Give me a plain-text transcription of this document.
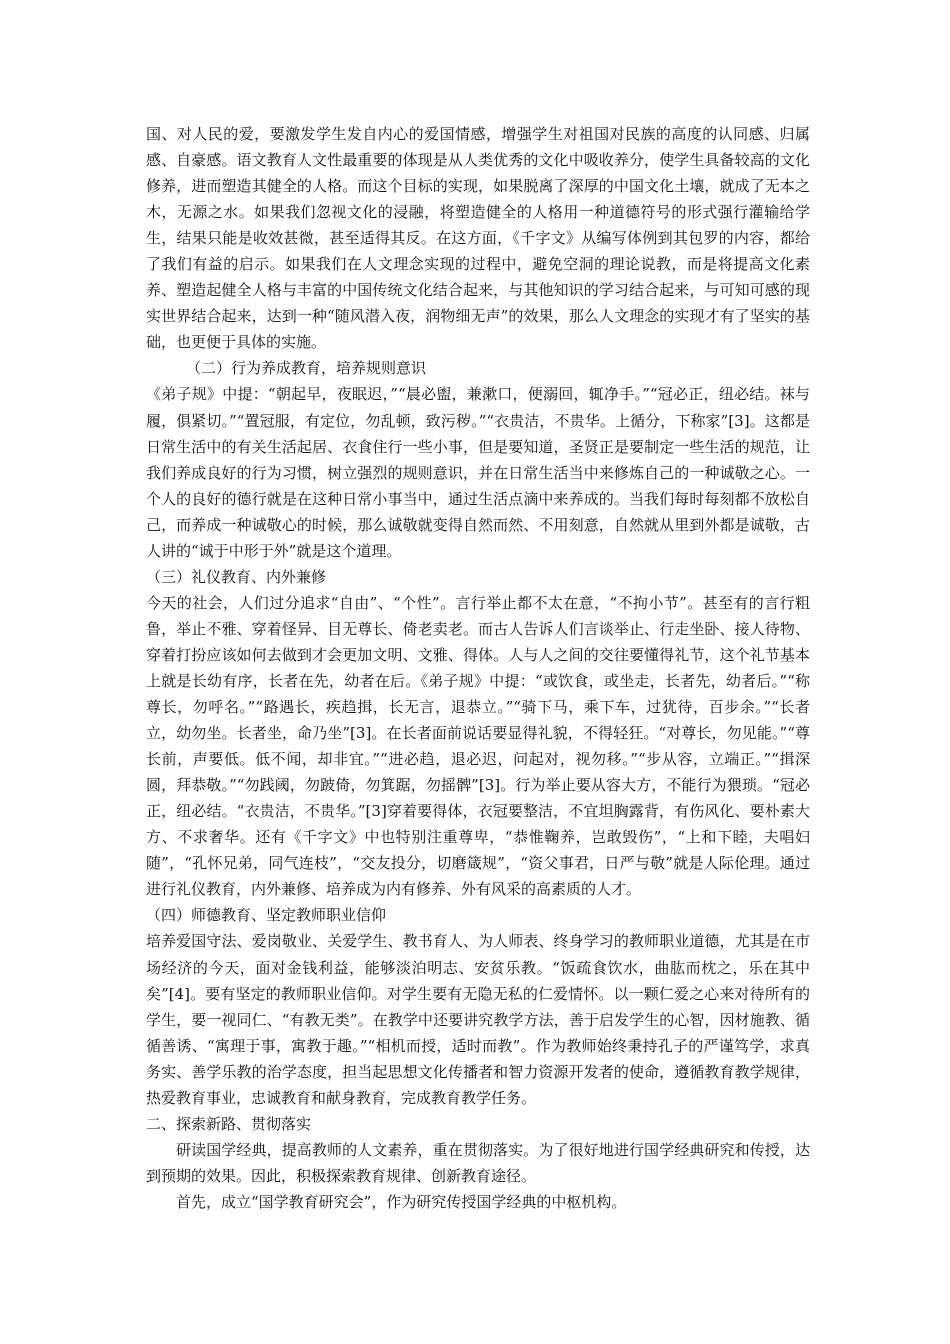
国、对人民的爱，要激发学生发自内心的爱国情感，增强学生对祖国对民族的高度的认同感、归属感、自豪感。语文教育人文性最重要的体现是从人类优秀的文化中吸收养分，使学生具备较高的文化修养，进而塑造其健全的人格。而这个目标的实现，如果脱离了深厚的中国文化土壤，就成了无本之木，无源之水。如果我们忽视文化的浸融，将塑造健全的人格用一种道德符号的形式强行灌输给学生，结果只能是收效甚微，甚至适得其反。在这方面，《千字文》从编写体例到其包罗的内容，都给了我们有益的启示。如果我们在人文理念实现的过程中，避免空洞的理论说教，而是将提高文化素养、塑造起健全人格与丰富的中国传统文化结合起来，与其他知识的学习结合起来，与可知可感的现实世界结合起来，达到一种“随风潜入夜，润物细无声”的效果，那么人文理念的实现才有了坚实的基础，也更便于具体的实施。

（二）行为养成教育，培养规则意识

《弟子规》中提：“朝起早，夜眠迟，”“晨必盥，兼漱口，便溺回，辄净手。”“冠必正，纽必结。袜与履，俱紧切。”“置冠服，有定位，勿乱顿，致污秽。”“衣贵洁，不贵华。上循分，下称家”[3]。这都是日常生活中的有关生活起居、衣食住行一些小事，但是要知道，圣贤正是要制定一些生活的规范，让我们养成良好的行为习惯，树立强烈的规则意识，并在日常生活当中来修炼自己的一种诚敬之心。一个人的良好的德行就是在这种日常小事当中，通过生活点滴中来养成的。当我们每时每刻都不放松自己，而养成一种诚敬心的时候，那么诚敬就变得自然而然、不用刻意，自然就从里到外都是诚敬，古人讲的“诚于中形于外”就是这个道理。

（三）礼仪教育、内外兼修

今天的社会，人们过分追求“自由”、“个性”。言行举止都不太在意，“不拘小节”。甚至有的言行粗鲁，举止不雅、穿着怪异、目无尊长、倚老卖老。而古人告诉人们言谈举止、行走坐卧、接人待物、穿着打扮应该如何去做到才会更加文明、文雅、得体。人与人之间的交往要懂得礼节，这个礼节基本上就是长幼有序，长者在先，幼者在后。《弟子规》中提：“或饮食，或坐走，长者先，幼者后。”“称尊长，勿呼名。”“路遇长，疾趋揖，长无言，退恭立。”“骑下马，乘下车，过犹待，百步余。”“长者立，幼勿坐。长者坐，命乃坐”[3]。在长者面前说话要显得礼貌，不得轻狂。“对尊长，勿见能。”“尊长前，声要低。低不闻，却非宜。”“进必趋，退必迟，问起对，视勿移。”“步从容，立端正。”“揖深圆，拜恭敬。”“勿践阈，勿跛倚，勿箕踞，勿摇髀”[3]。行为举止要从容大方，不能行为猥琐。“冠必正，纽必结。“衣贵洁，不贵华。”[3]穿着要得体，衣冠要整洁，不宜坦胸露背，有伤风化、要朴素大方、不求奢华。还有《千字文》中也特别注重尊卑，“恭惟鞠养，岂敢毁伤”，“上和下睦，夫唱妇随”，“孔怀兄弟，同气连枝”，“交友投分，切磨箴规”，“资父事君，日严与敬”就是人际伦理。通过进行礼仪教育，内外兼修、培养成为内有修养、外有风采的高素质的人才。

（四）师德教育、坚定教师职业信仰

培养爱国守法、爱岗敬业、关爱学生、教书育人、为人师表、终身学习的教师职业道德，尤其是在市场经济的今天，面对金钱利益，能够淡泊明志、安贫乐教。“饭疏食饮水，曲肱而枕之，乐在其中矣”[4]。要有坚定的教师职业信仰。对学生要有无隐无私的仁爱情怀。以一颗仁爱之心来对待所有的学生，要一视同仁、“有教无类”。在教学中还要讲究教学方法，善于启发学生的心智，因材施教、循循善诱、“寓理于事，寓教于趣。”“相机而授，适时而教”。作为教师始终秉持孔子的严谨笃学，求真务实、善学乐教的治学态度，担当起思想文化传播者和智力资源开发者的使命，遵循教育教学规律，热爱教育事业，忠诚教育和献身教育，完成教育教学任务。

二、探索新路、贯彻落实

研读国学经典，提高教师的人文素养，重在贯彻落实。为了很好地进行国学经典研究和传授，达到预期的效果。因此，积极探索教育规律、创新教育途径。

首先，成立“国学教育研究会”，作为研究传授国学经典的中枢机构。
